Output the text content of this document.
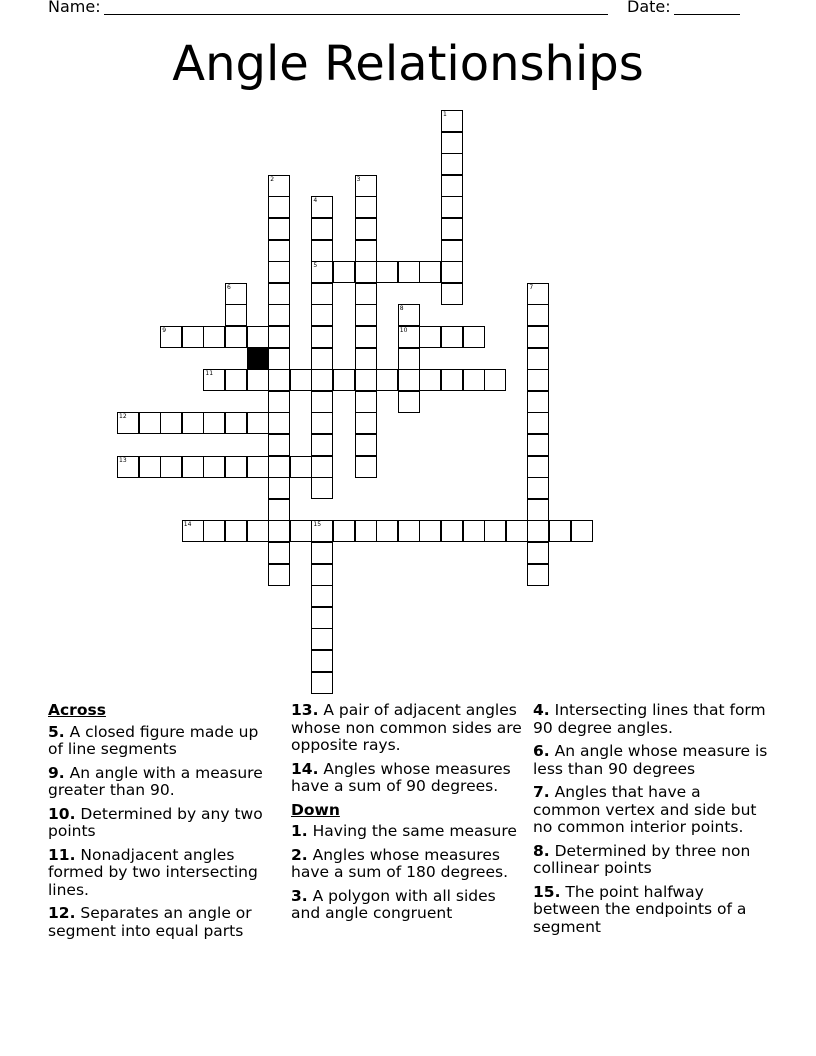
Name:	Date:
Angle Relationships
1
2	3
4
5
6	7
8
9	10
11
12
13
14	15
Across
5. A closed figure made up of line segments
9. An angle with a measure greater than 90.
10. Determined by any two points
11. Nonadjacent angles formed by two intersecting lines.
12. Separates an angle or segment into equal parts
13. A pair of adjacent angles whose non common sides are opposite rays.
14. Angles whose measures have a sum of 90 degrees.
Down
1. Having the same measure
2. Angles whose measures have a sum of 180 degrees.
3. A polygon with all sides and angle congruent
4. Intersecting lines that form 90 degree angles.
6. An angle whose measure is less than 90 degrees
7. Angles that have a common vertex and side but no common interior points.
8. Determined by three non collinear points
15. The point halfway between the endpoints of a segment
